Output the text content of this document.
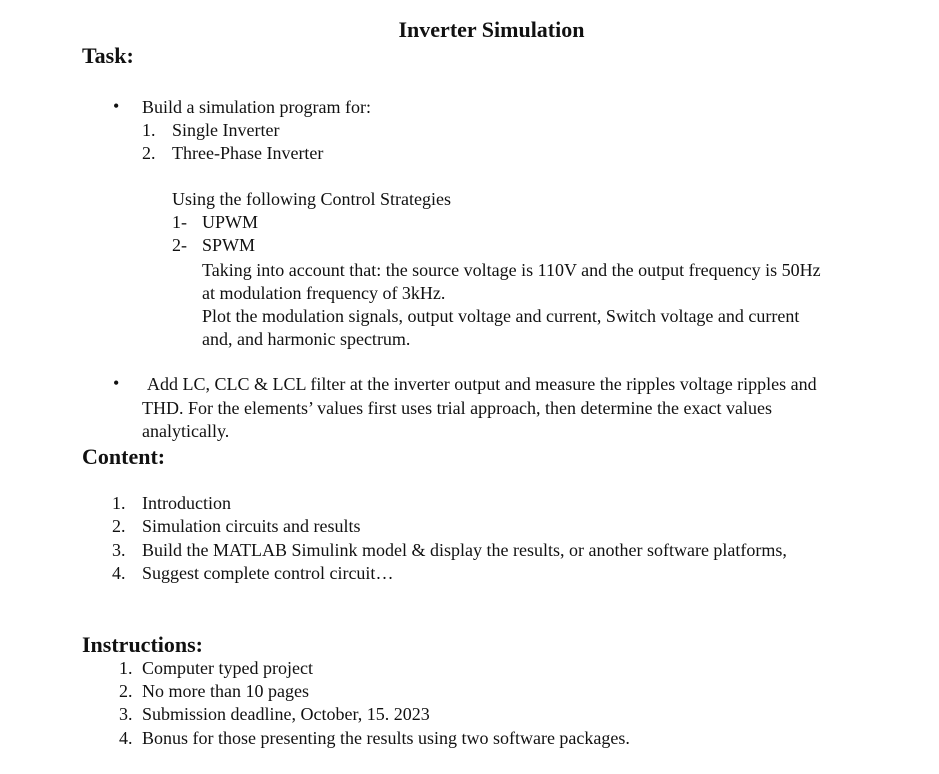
Inverter Simulation
Task:
• Build a simulation program for:
1. Single Inverter
2. Three-Phase Inverter
Using the following Control Strategies
1- UPWM
2- SPWM
Taking into account that: the source voltage is 110V and the output frequency is 50Hz
at modulation frequency of 3kHz.
Plot the modulation signals, output voltage and current, Switch voltage and current
and, and harmonic spectrum.
• Add LC, CLC & LCL filter at the inverter output and measure the ripples voltage ripples and
THD. For the elements’ values first uses trial approach, then determine the exact values
analytically.
Content:
1. Introduction
2. Simulation circuits and results
3. Build the MATLAB Simulink model & display the results, or another software platforms,
4. Suggest complete control circuit…
Instructions:
1. Computer typed project
2. No more than 10 pages
3. Submission deadline, October, 15. 2023
4. Bonus for those presenting the results using two software packages.
